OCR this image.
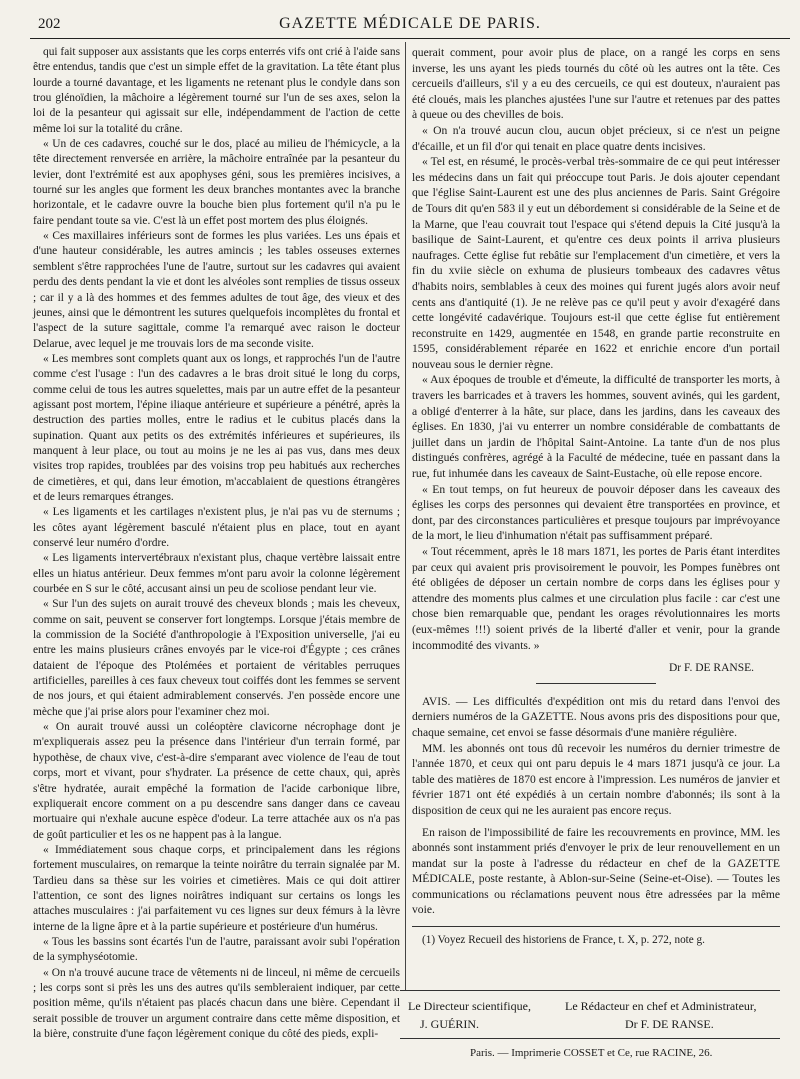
202	GAZETTE MÉDICALE DE PARIS.

qui fait supposer aux assistants que les corps enterrés vifs ont crié à l'aide sans être entendus, tandis que c'est un simple effet de la gravitation. La tête étant plus lourde a tourné davantage, et les ligaments ne retenant plus le condyle dans son trou glénoïdien, la mâchoire a légèrement tourné sur l'un de ses axes, selon la loi de la pesanteur qui agissait sur elle, indépendamment de l'action de cette même loi sur la totalité du crâne.

« Un de ces cadavres, couché sur le dos, placé au milieu de l'hémicycle, a la tête directement renversée en arrière, la mâchoire entraînée par la pesanteur du levier, dont l'extrémité est aux apophyses géni, sous les premières incisives, a tourné sur les angles que forment les deux branches montantes avec la branche horizontale, et le cadavre ouvre la bouche bien plus fortement qu'il n'a pu le faire pendant toute sa vie. C'est là un effet post mortem des plus éloignés.

« Ces maxillaires inférieurs sont de formes les plus variées. Les uns épais et d'une hauteur considérable, les autres amincis ; les tables osseuses externes semblent s'être rapprochées l'une de l'autre, surtout sur les cadavres qui avaient perdu des dents pendant la vie et dont les alvéoles sont remplies de tissus osseux ; car il y a là des hommes et des femmes adultes de tout âge, des vieux et des jeunes, ainsi que le démontrent les sutures quelquefois incomplètes du frontal et l'aspect de la suture sagittale, comme l'a remarqué avec raison le docteur Delarue, avec lequel je me trouvais lors de ma seconde visite.

« Les membres sont complets quant aux os longs, et rapprochés l'un de l'autre comme c'est l'usage : l'un des cadavres a le bras droit situé le long du corps, comme celui de tous les autres squelettes, mais par un autre effet de la pesanteur agissant post mortem, l'épine iliaque antérieure et supérieure a pénétré, après la destruction des parties molles, entre le radius et le cubitus placés dans la supination. Quant aux petits os des extrémités inférieures et supérieures, ils manquent à leur place, ou tout au moins je ne les ai pas vus, dans mes deux visites trop rapides, troublées par des voisins trop peu habitués aux recherches de cimetières, et qui, dans leur émotion, m'accablaient de questions étrangères et de leurs remarques étranges.

« Les ligaments et les cartilages n'existent plus, je n'ai pas vu de sternums ; les côtes ayant légèrement basculé n'étaient plus en place, tout en ayant conservé leur numéro d'ordre.

« Les ligaments intervertébraux n'existant plus, chaque vertèbre laissait entre elles un hiatus antérieur. Deux femmes m'ont paru avoir la colonne légèrement courbée en S sur le côté, accusant ainsi un peu de scoliose pendant leur vie.

« Sur l'un des sujets on aurait trouvé des cheveux blonds ; mais les cheveux, comme on sait, peuvent se conserver fort longtemps. Lorsque j'étais membre de la commission de la Société d'anthropologie à l'Exposition universelle, j'ai eu entre les mains plusieurs crânes envoyés par le vice-roi d'Égypte ; ces crânes dataient de l'époque des Ptolémées et portaient de véritables perruques artificielles, pareilles à ces faux cheveux tout coiffés dont les femmes se servent de nos jours, et qui étaient admirablement conservés. J'en possède encore une mèche que j'ai prise alors pour l'examiner chez moi.

« On aurait trouvé aussi un coléoptère clavicorne nécrophage dont je m'expliquerais assez peu la présence dans l'intérieur d'un terrain formé, par hypothèse, de chaux vive, c'est-à-dire s'emparant avec violence de l'eau de tout corps, mort et vivant, pour s'hydrater. La présence de cette chaux, qui, après s'être hydratée, aurait empêché la formation de l'acide carbonique libre, expliquerait encore comment on a pu descendre sans danger dans ce caveau mortuaire qui n'exhale aucune espèce d'odeur. La terre attachée aux os n'a pas de goût particulier et les os ne happent pas à la langue.

« Immédiatement sous chaque corps, et principalement dans les régions fortement musculaires, on remarque la teinte noirâtre du terrain signalée par M. Tardieu dans sa thèse sur les voiries et cimetières. Mais ce qui doit attirer l'attention, ce sont des lignes noirâtres indiquant sur certains os longs les attaches musculaires : j'ai parfaitement vu ces lignes sur deux fémurs à la lèvre interne de la ligne âpre et à la partie supérieure et postérieure d'un humérus.

« Tous les bassins sont écartés l'un de l'autre, paraissant avoir subi l'opération de la symphyséotomie.

« On n'a trouvé aucune trace de vêtements ni de linceul, ni même de cercueils ; les corps sont si près les uns des autres qu'ils sembleraient indiquer, par cette position même, qu'ils n'étaient pas placés chacun dans une bière. Cependant il serait possible de trouver un argument contraire dans cette même disposition, et la bière, construite d'une façon légèrement conique du côté des pieds, expli-

querait comment, pour avoir plus de place, on a rangé les corps en sens inverse, les uns ayant les pieds tournés du côté où les autres ont la tête. Ces cercueils d'ailleurs, s'il y a eu des cercueils, ce qui est douteux, n'auraient pas été cloués, mais les planches ajustées l'une sur l'autre et retenues par des pattes à queue ou des chevilles de bois.

« On n'a trouvé aucun clou, aucun objet précieux, si ce n'est un peigne d'écaille, et un fil d'or qui tenait en place quatre dents incisives.

« Tel est, en résumé, le procès-verbal très-sommaire de ce qui peut intéresser les médecins dans un fait qui préoccupe tout Paris. Je dois ajouter cependant que l'église Saint-Laurent est une des plus anciennes de Paris. Saint Grégoire de Tours dit qu'en 583 il y eut un débordement si considérable de la Seine et de la Marne, que l'eau couvrait tout l'espace qui s'étend depuis la Cité jusqu'à la basilique de Saint-Laurent, et qu'entre ces deux points il arriva plusieurs naufrages. Cette église fut rebâtie sur l'emplacement d'un cimetière, et vers la fin du xviie siècle on exhuma de plusieurs tombeaux des cadavres vêtus d'habits noirs, semblables à ceux des moines qui furent jugés alors avoir neuf cents ans d'antiquité (1). Je ne relève pas ce qu'il peut y avoir d'exagéré dans cette longévité cadavérique. Toujours est-il que cette église fut entièrement reconstruite en 1429, augmentée en 1548, en grande partie reconstruite en 1595, considérablement réparée en 1622 et enrichie encore d'un portail nouveau sous le dernier règne.

« Aux époques de trouble et d'émeute, la difficulté de transporter les morts, à travers les barricades et à travers les hommes, souvent avinés, qui les gardent, a obligé d'enterrer à la hâte, sur place, dans les jardins, dans les caveaux des églises. En 1830, j'ai vu enterrer un nombre considérable de combattants de juillet dans un jardin de l'hôpital Saint-Antoine. La tante d'un de nos plus distingués confrères, agrégé à la Faculté de médecine, tuée en passant dans la rue, fut inhumée dans les caveaux de Saint-Eustache, où elle repose encore.

« En tout temps, on fut heureux de pouvoir déposer dans les caveaux des églises les corps des personnes qui devaient être transportées en province, et dont, par des circonstances particulières et presque toujours par imprévoyance de la mort, le lieu d'inhumation n'était pas suffisamment préparé.

« Tout récemment, après le 18 mars 1871, les portes de Paris étant interdites par ceux qui avaient pris provisoirement le pouvoir, les Pompes funèbres ont été obligées de déposer un certain nombre de corps dans les églises pour y attendre des moments plus calmes et une circulation plus facile : car c'est une chose bien remarquable que, pendant les orages révolutionnaires les morts (eux-mêmes !!!) soient privés de la liberté d'aller et venir, pour la grande incommodité des vivants. »

Dr F. DE RANSE.

AVIS. — Les difficultés d'expédition ont mis du retard dans l'envoi des derniers numéros de la GAZETTE. Nous avons pris des dispositions pour que, chaque semaine, cet envoi se fasse désormais d'une manière régulière.

MM. les abonnés ont tous dû recevoir les numéros du dernier trimestre de l'année 1870, et ceux qui ont paru depuis le 4 mars 1871 jusqu'à ce jour. La table des matières de 1870 est encore à l'impression. Les numéros de janvier et février 1871 ont été expédiés à un certain nombre d'abonnés; ils sont à la disposition de ceux qui ne les auraient pas encore reçus.

En raison de l'impossibilité de faire les recouvrements en province, MM. les abonnés sont instamment priés d'envoyer le prix de leur renouvellement en un mandat sur la poste à l'adresse du rédacteur en chef de la GAZETTE MÉDICALE, poste restante, à Ablon-sur-Seine (Seine-et-Oise). — Toutes les communications ou réclamations peuvent nous être adressées par la même voie.

(1) Voyez Recueil des historiens de France, t. X, p. 272, note g.

Le Directeur scientifique,
J. GUÉRIN.
Le Rédacteur en chef et Administrateur,
Dr F. DE RANSE.
Paris. — Imprimerie COSSET et Ce, rue RACINE, 26.
